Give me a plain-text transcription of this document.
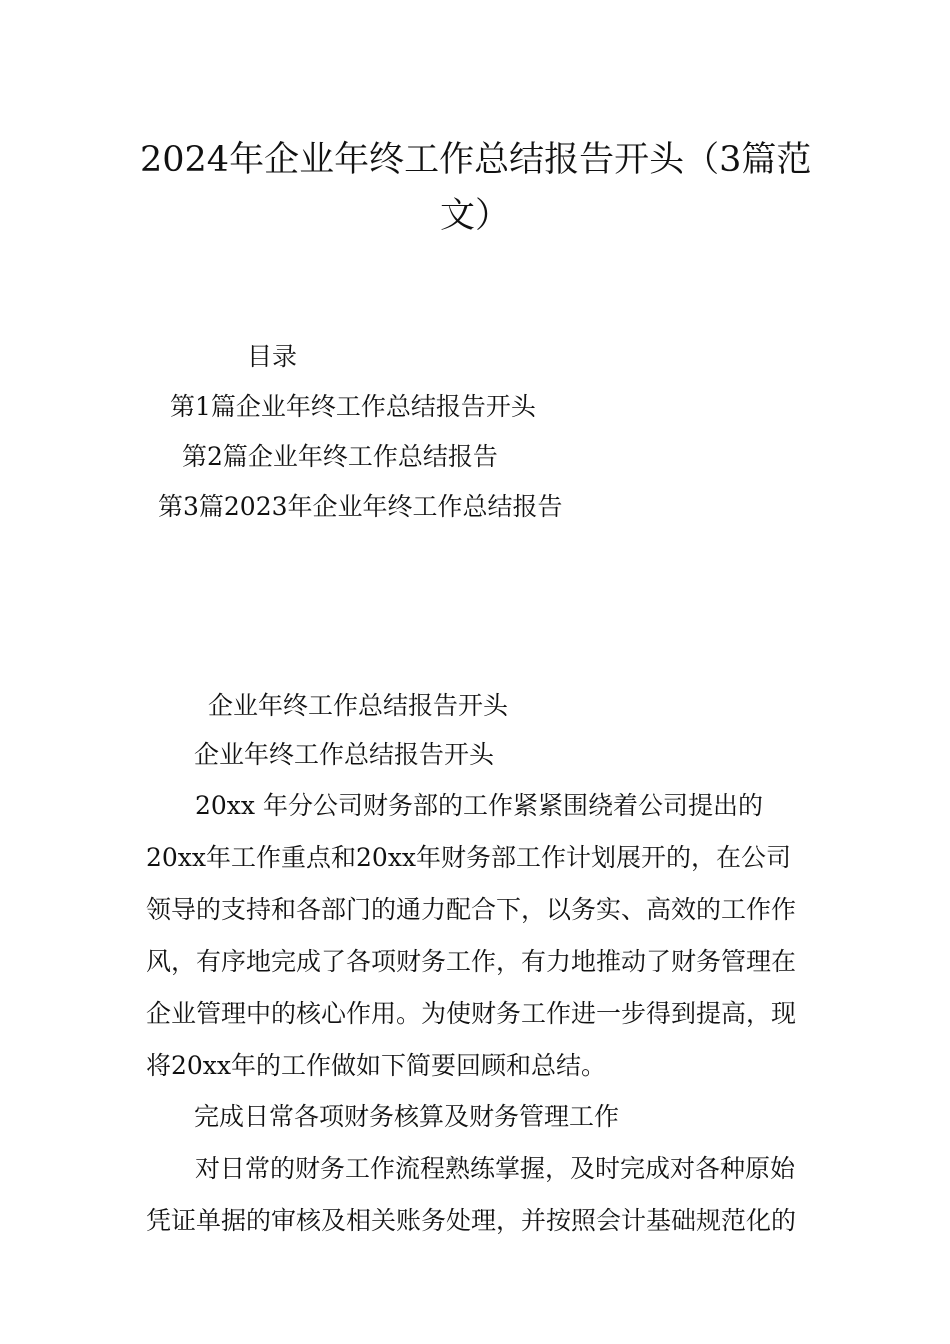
2024年企业年终工作总结报告开头（3篇范
文）
目录
第1篇企业年终工作总结报告开头
第2篇企业年终工作总结报告
第3篇2023年企业年终工作总结报告
企业年终工作总结报告开头
企业年终工作总结报告开头
20xx 年分公司财务部的工作紧紧围绕着公司提出的
20xx年工作重点和20xx年财务部工作计划展开的，在公司
领导的支持和各部门的通力配合下，以务实、高效的工作作
风，有序地完成了各项财务工作，有力地推动了财务管理在
企业管理中的核心作用。为使财务工作进一步得到提高，现
将20xx年的工作做如下简要回顾和总结。
完成日常各项财务核算及财务管理工作
对日常的财务工作流程熟练掌握，及时完成对各种原始
凭证单据的审核及相关账务处理，并按照会计基础规范化的
